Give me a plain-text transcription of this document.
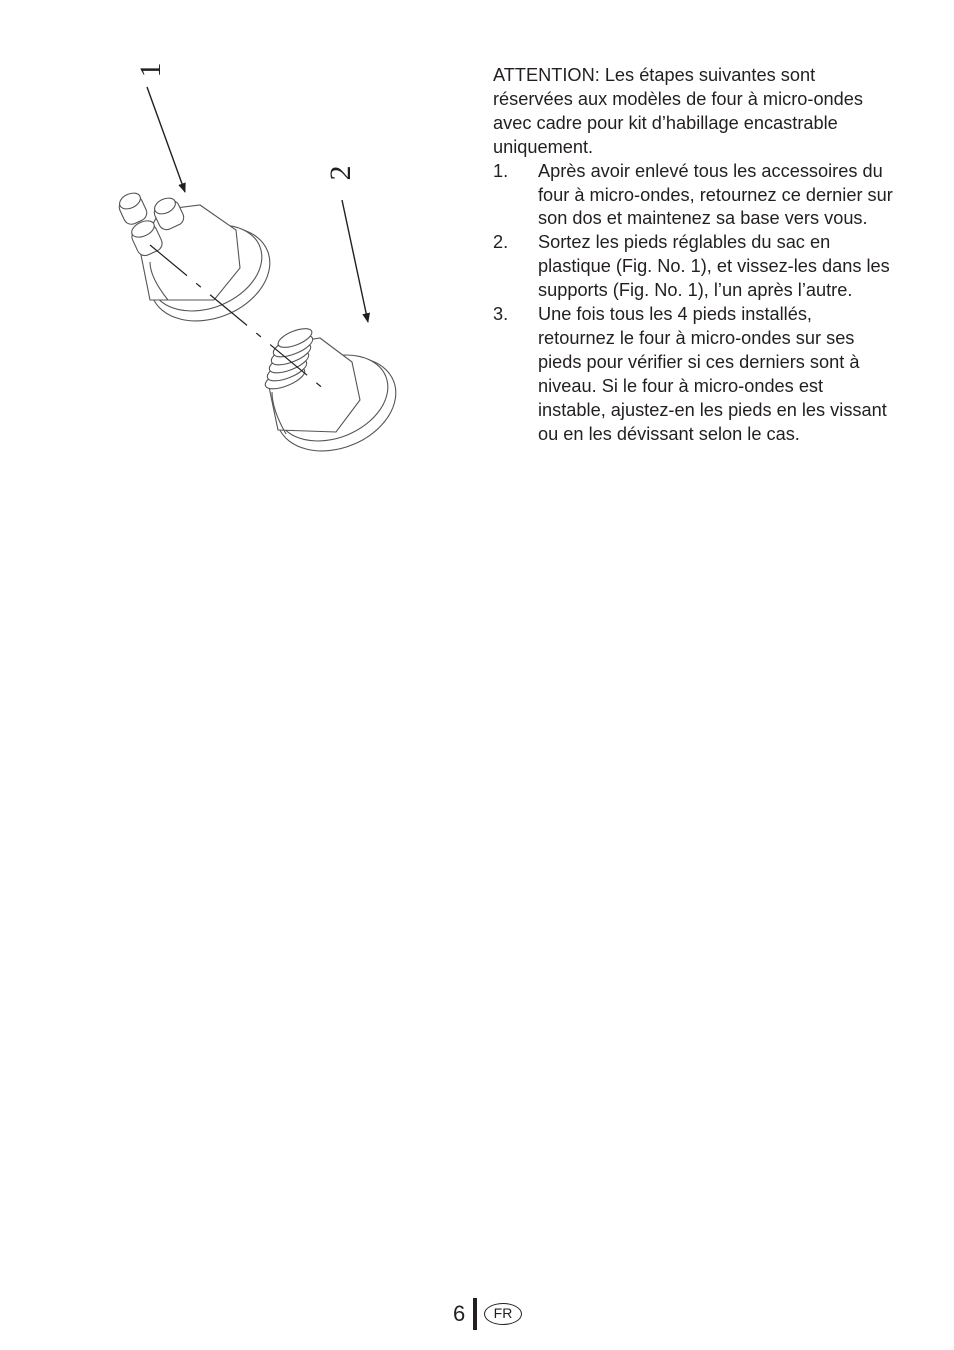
1
2

ATTENTION: Les étapes suivantes sont réservées aux modèles de four à micro-ondes avec cadre pour kit d’habillage encastrable uniquement.

1. Après avoir enlevé tous les accessoires du four à micro-ondes, retournez ce dernier sur son dos et maintenez sa base vers vous.
2. Sortez les pieds réglables du sac en plastique (Fig. No. 1), et vissez-les dans les supports (Fig. No. 1), l’un après l’autre.
3. Une fois tous les 4 pieds installés, retournez le four à micro-ondes sur ses pieds pour vérifier si ces derniers sont à niveau. Si le four à micro-ondes est instable, ajustez-en les pieds en les vissant ou en les dévissant selon le cas.
6	FR
